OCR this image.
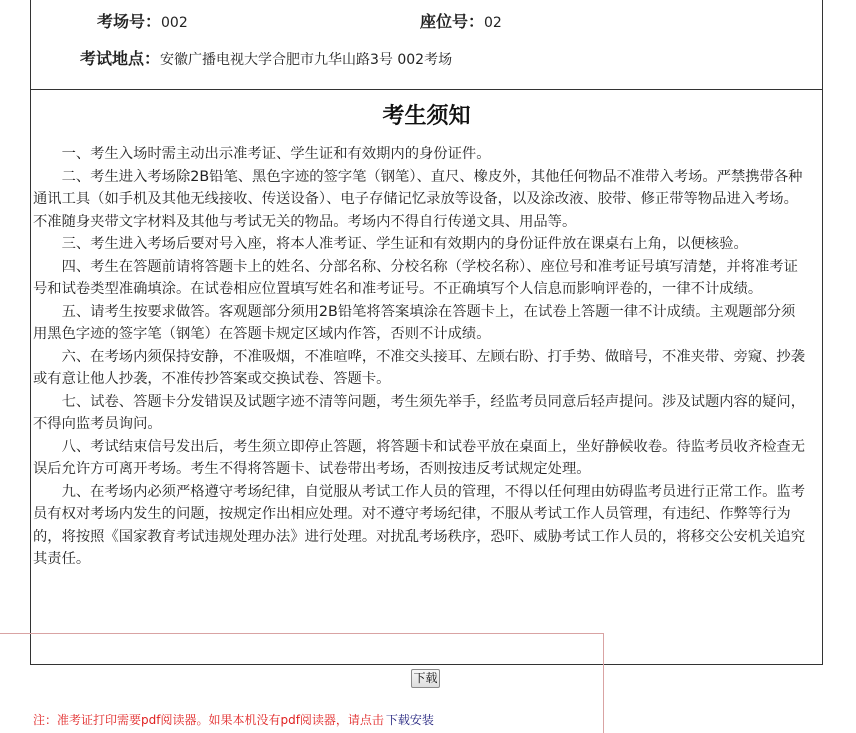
考场号：002	座位号：02
考试地点：安徽广播电视大学合肥市九华山路3号 002考场
考生须知

一、考生入场时需主动出示准考证、学生证和有效期内的身份证件。

二、考生进入考场除2B铅笔、黑色字迹的签字笔（钢笔）、直尺、橡皮外，其他任何物品不准带入考场。严禁携带各种通讯工具（如手机及其他无线接收、传送设备）、电子存储记忆录放等设备，以及涂改液、胶带、修正带等物品进入考场。不准随身夹带文字材料及其他与考试无关的物品。考场内不得自行传递文具、用品等。

三、考生进入考场后要对号入座，将本人准考证、学生证和有效期内的身份证件放在课桌右上角，以便核验。

四、考生在答题前请将答题卡上的姓名、分部名称、分校名称（学校名称）、座位号和准考证号填写清楚，并将准考证号和试卷类型准确填涂。在试卷相应位置填写姓名和准考证号。不正确填写个人信息而影响评卷的，一律不计成绩。

五、请考生按要求做答。客观题部分须用2B铅笔将答案填涂在答题卡上，在试卷上答题一律不计成绩。主观题部分须用黑色字迹的签字笔（钢笔）在答题卡规定区域内作答，否则不计成绩。

六、在考场内须保持安静，不准吸烟，不准喧哗，不准交头接耳、左顾右盼、打手势、做暗号，不准夹带、旁窥、抄袭或有意让他人抄袭，不准传抄答案或交换试卷、答题卡。

七、试卷、答题卡分发错误及试题字迹不清等问题，考生须先举手，经监考员同意后轻声提问。涉及试题内容的疑问，不得向监考员询问。

八、考试结束信号发出后，考生须立即停止答题，将答题卡和试卷平放在桌面上，坐好静候收卷。待监考员收齐检查无误后允许方可离开考场。考生不得将答题卡、试卷带出考场，否则按违反考试规定处理。

九、在考场内必须严格遵守考场纪律，自觉服从考试工作人员的管理，不得以任何理由妨碍监考员进行正常工作。监考员有权对考场内发生的问题，按规定作出相应处理。对不遵守考场纪律，不服从考试工作人员管理，有违纪、作弊等行为的，将按照《国家教育考试违规处理办法》进行处理。对扰乱考场秩序，恐吓、威胁考试工作人员的，将移交公安机关追究其责任。

下载
注：准考证打印需要pdf阅读器。如果本机没有pdf阅读器，请点击 下载安装
